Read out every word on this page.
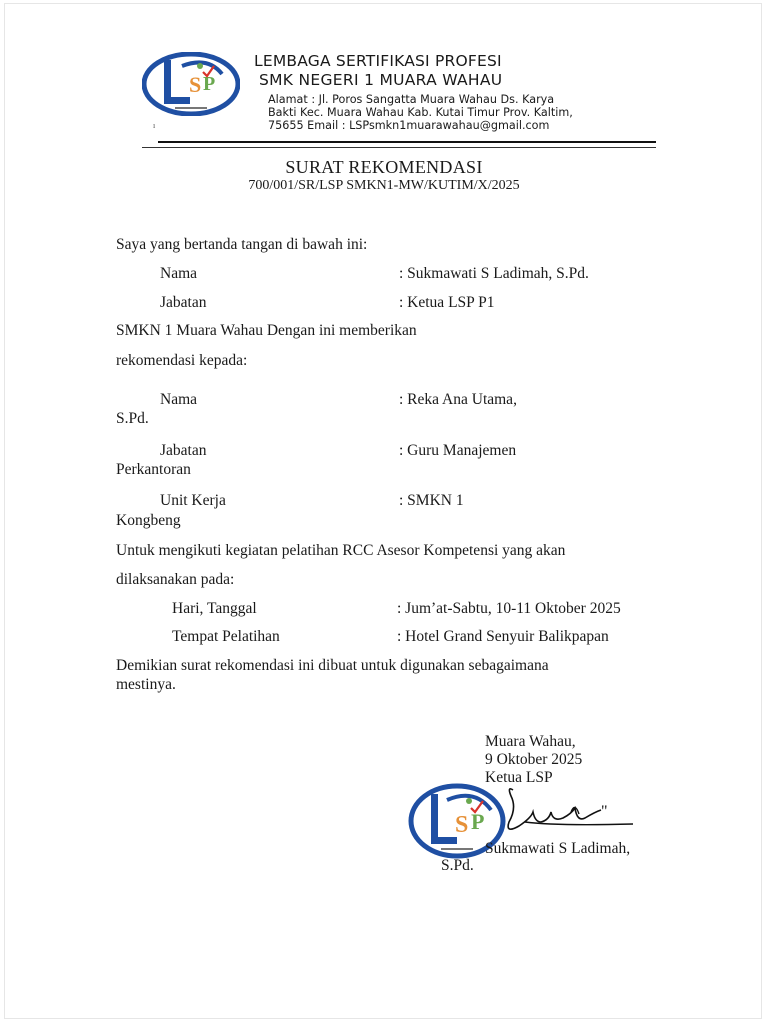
S P
LEMBAGA SERTIFIKASI PROFESI
SMK NEGERI 1 MUARA WAHAU
Alamat : Jl. Poros Sangatta Muara Wahau Ds. Karya
Bakti Kec. Muara Wahau Kab. Kutai Timur Prov. Kaltim,
75655 Email : LSPsmkn1muarawahau@gmail.com
ı
SURAT REKOMENDASI
700/001/SR/LSP SMKN1-MW/KUTIM/X/2025
Saya yang bertanda tangan di bawah ini:
Nama	: Sukmawati S Ladimah, S.Pd.
Jabatan	: Ketua LSP P1
SMKN 1 Muara Wahau Dengan ini memberikan
rekomendasi kepada:
Nama	: Reka Ana Utama,
S.Pd.
Jabatan	: Guru Manajemen
Perkantoran
Unit Kerja	: SMKN 1
Kongbeng
Untuk mengikuti kegiatan pelatihan RCC Asesor Kompetensi yang akan
dilaksanakan pada:
Hari, Tanggal	: Jum’at-Sabtu, 10-11 Oktober 2025
Tempat Pelatihan	: Hotel Grand Senyuir Balikpapan
Demikian surat rekomendasi ini dibuat untuk digunakan sebagaimana
mestinya.
Muara Wahau,
9 Oktober 2025
Ketua LSP
S P	"
Sukmawati S Ladimah,
S.Pd.
